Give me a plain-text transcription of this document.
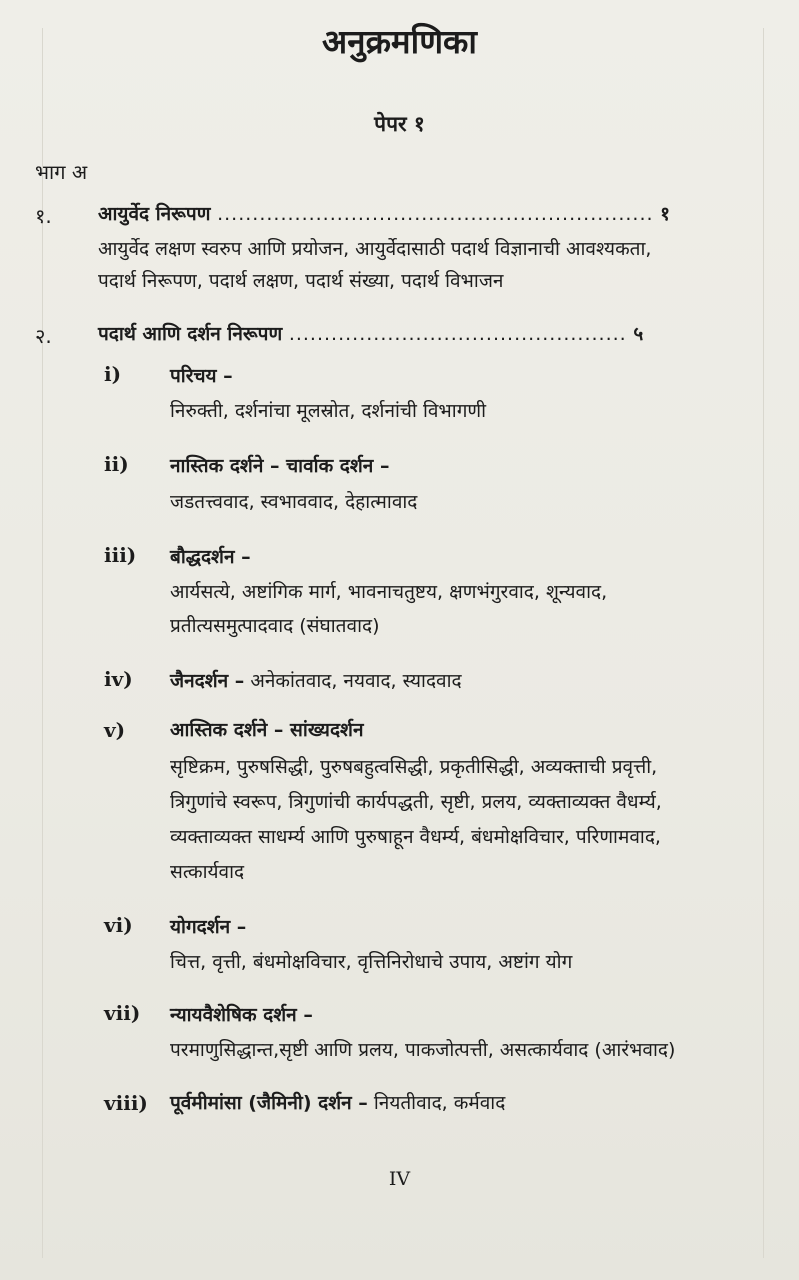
अनुक्रमणिका
पेपर १
भाग अ
१. आयुर्वेद निरूपण .............................................................. १
आयुर्वेद लक्षण स्वरुप आणि प्रयोजन, आयुर्वेदासाठी पदार्थ विज्ञानाची आवश्यकता,
पदार्थ निरूपण, पदार्थ लक्षण, पदार्थ संख्या, पदार्थ विभाजन
२. पदार्थ आणि दर्शन निरूपण ................................................ ५
i)	परिचय –
निरुक्ती, दर्शनांचा मूलस्रोत, दर्शनांची विभागणी
ii) नास्तिक दर्शने – चार्वाक दर्शन –
जडतत्त्ववाद, स्वभाववाद, देहात्मावाद
iii) बौद्धदर्शन –
आर्यसत्ये, अष्टांगिक मार्ग, भावनाचतुष्टय, क्षणभंगुरवाद, शून्यवाद,
प्रतीत्यसमुत्पादवाद (संघातवाद)
iv) जैनदर्शन – अनेकांतवाद, नयवाद, स्यादवाद
v) आस्तिक दर्शने – सांख्यदर्शन
सृष्टिक्रम, पुरुषसिद्धी, पुरुषबहुत्वसिद्धी, प्रकृतीसिद्धी, अव्यक्ताची प्रवृत्ती,
त्रिगुणांचे स्वरूप, त्रिगुणांची कार्यपद्धती, सृष्टी, प्रलय, व्यक्ताव्यक्त वैधर्म्य,
व्यक्ताव्यक्त साधर्म्य आणि पुरुषाहून वैधर्म्य, बंधमोक्षविचार, परिणामवाद,
सत्कार्यवाद
vi) योगदर्शन –
चित्त, वृत्ती, बंधमोक्षविचार, वृत्तिनिरोधाचे उपाय, अष्टांग योग
vii) न्यायवैशेषिक दर्शन –
परमाणुसिद्धान्त,सृष्टी आणि प्रलय, पाकजोत्पत्ती, असत्कार्यवाद (आरंभवाद)
viii) पूर्वमीमांसा (जैमिनी) दर्शन – नियतीवाद, कर्मवाद
IV
